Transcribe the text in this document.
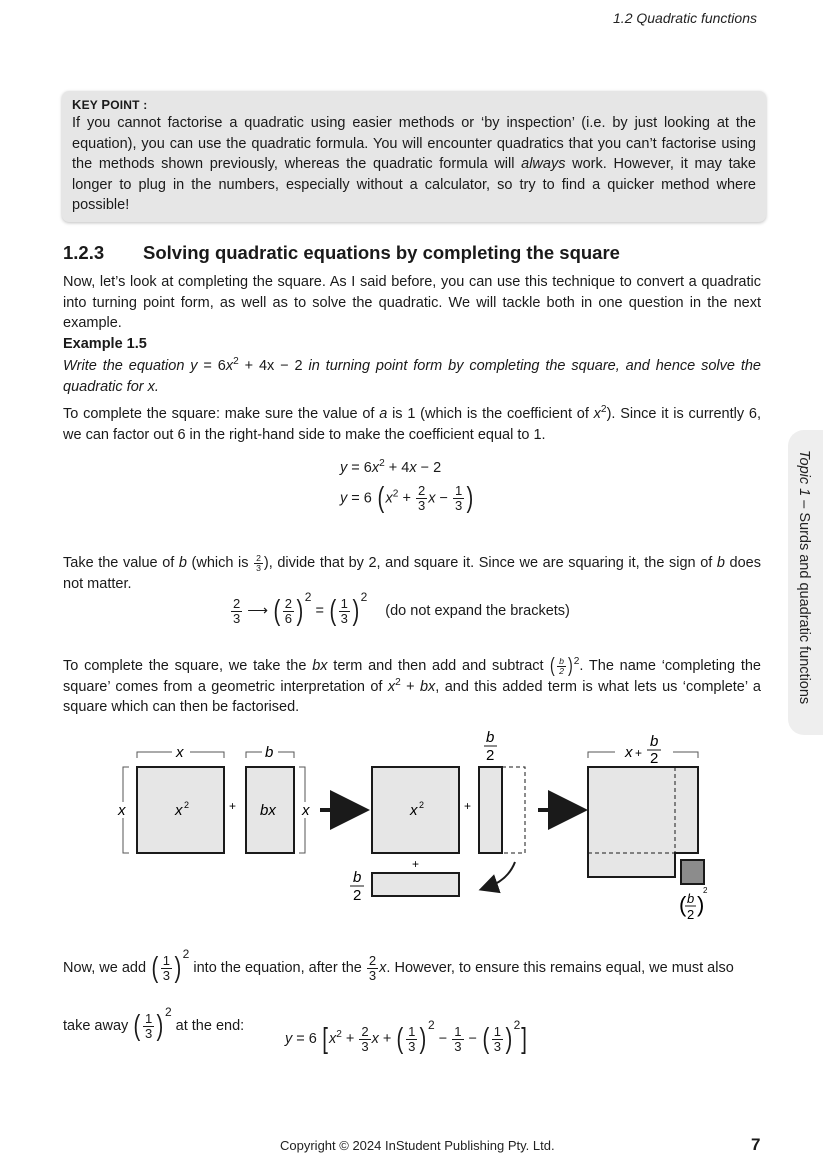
1.2 Quadratic functions
KEY POINT :
If you cannot factorise a quadratic using easier methods or ‘by inspection’ (i.e. by just looking at the equation), you can use the quadratic formula. You will encounter quadratics that you can’t factorise using the methods shown previously, whereas the quadratic formula will always work. However, it may take longer to plug in the numbers, especially without a calculator, so try to find a quicker method where possible!
1.2.3 Solving quadratic equations by completing the square
Now, let’s look at completing the square. As I said before, you can use this technique to convert a quadratic into turning point form, as well as to solve the quadratic. We will tackle both in one question in the next example.
Example 1.5
Write the equation $y = 6x^2 + 4x - 2$ in turning point form by completing the square, and hence solve the quadratic for x.
To complete the square: make sure the value of a is 1 (which is the coefficient of $x^2$). Since it is currently 6, we can factor out 6 in the right-hand side to make the coefficient equal to 1.
$y = 6x^2 + 4x - 2$
y = 6 ($x^2 + \frac{2}{3}$ $x - \frac{1}{3}$ )
Take the value of b (which is $\frac{2}{3}$ ), divide that by 2, and square it. Since we are squaring it, the sign of b does not matter.
$\frac{2}{3}$ ⟶ ( $\frac{2}{6} )^2$ = ( $\frac{1}{3} )^2$ (do not expand the brackets)
To complete the square, we take the bx term and then add and subtract ( $\frac{b}{2} )^2$. The name ‘completing the square’ comes from a geometric interpretation of $x^2$ + bx, and this added term is what lets us ‘complete’ a square which can then be factorised.
x
x	x 2	+
b
bx x	x 2	+
b
2
+
b
2
x +
b
2
( b
2 )
2
Now, we add ( $\frac{1}{3} )^2$ into the equation, after the $\frac{2}{3} x$. However, to ensure this remains equal, we must also
take away ( $\frac{1}{3} )^2$ at the end:
y = 6 [$x^2 + \frac{2}{3}$ x + ( $\frac{1}{3} )^2 - \frac{1}{3}$ − ( $\frac{1}{3} )^2$]
Topic 1 – Surds and quadratic functions
Copyright © 2024 InStudent Publishing Pty. Ltd.	7
